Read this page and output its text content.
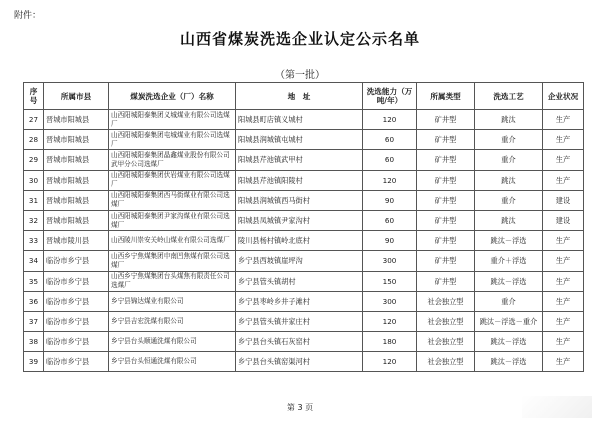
附件：
山西省煤炭洗选企业认定公示名单
（第一批）
序号	所属市县	煤炭洗选企业（厂）名称	地　址	洗选能力（万吨/年）	所属类型	洗选工艺	企业状况
27	晋城市阳城县	山西阳城阳泰集团义城煤业有限公司选煤厂	阳城县町店镇义城村	120	矿井型	跳汰	生产
28	晋城市阳城县	山西阳城阳泰集团屯城煤业有限公司选煤厂	阳城县润城镇屯城村	60	矿井型	重介	生产
29	晋城市阳城县	山西阳城阳泰集团晶鑫煤业股份有限公司武甲分公司选煤厂	阳城县芹池镇武甲村	60	矿井型	重介	生产
30	晋城市阳城县	山西阳城阳泰集团伏岩煤业有限公司选煤厂	阳城县芹池镇阳陵村	120	矿井型	跳汰	生产
31	晋城市阳城县	山西阳城阳泰集团西马街煤业有限公司选煤厂	阳城县润城镇西马街村	90	矿井型	重介	建设
32	晋城市阳城县	山西阳城阳泰集团尹家沟煤业有限公司选煤厂	阳城县凤城镇尹家沟村	60	矿井型	跳汰	建设
33	晋城市陵川县	山西陵川崇安关岭山煤业有限公司选煤厂	陵川县杨村镇岭北底村	90	矿井型	跳汰－浮选	生产
34	临汾市乡宁县	山西乡宁焦煤集团申南凹焦煤有限公司选煤厂	乡宁县西坡镇崖坪沟	300	矿井型	重介＋浮选	生产
35	临汾市乡宁县	山西乡宁焦煤集团台头煤焦有限责任公司选煤厂	乡宁县管头镇胡村	150	矿井型	跳汰－浮选	生产
36	临汾市乡宁县	乡宁县锦达煤业有限公司	乡宁县枣岭乡井子滩村	300	社会独立型	重介	生产
37	临汾市乡宁县	乡宁县吉宏洗煤有限公司	乡宁县管头镇井家庄村	120	社会独立型	跳汰－浮选－重介	生产
38	临汾市乡宁县	乡宁县台头顺通洗煤有限公司	乡宁县台头镇石灰窑村	180	社会独立型	跳汰－浮选	生产
39	临汾市乡宁县	乡宁县台头恒通洗煤有限公司	乡宁县台头镇窑渠河村	120	社会独立型	跳汰－浮选	生产
第 3 页
